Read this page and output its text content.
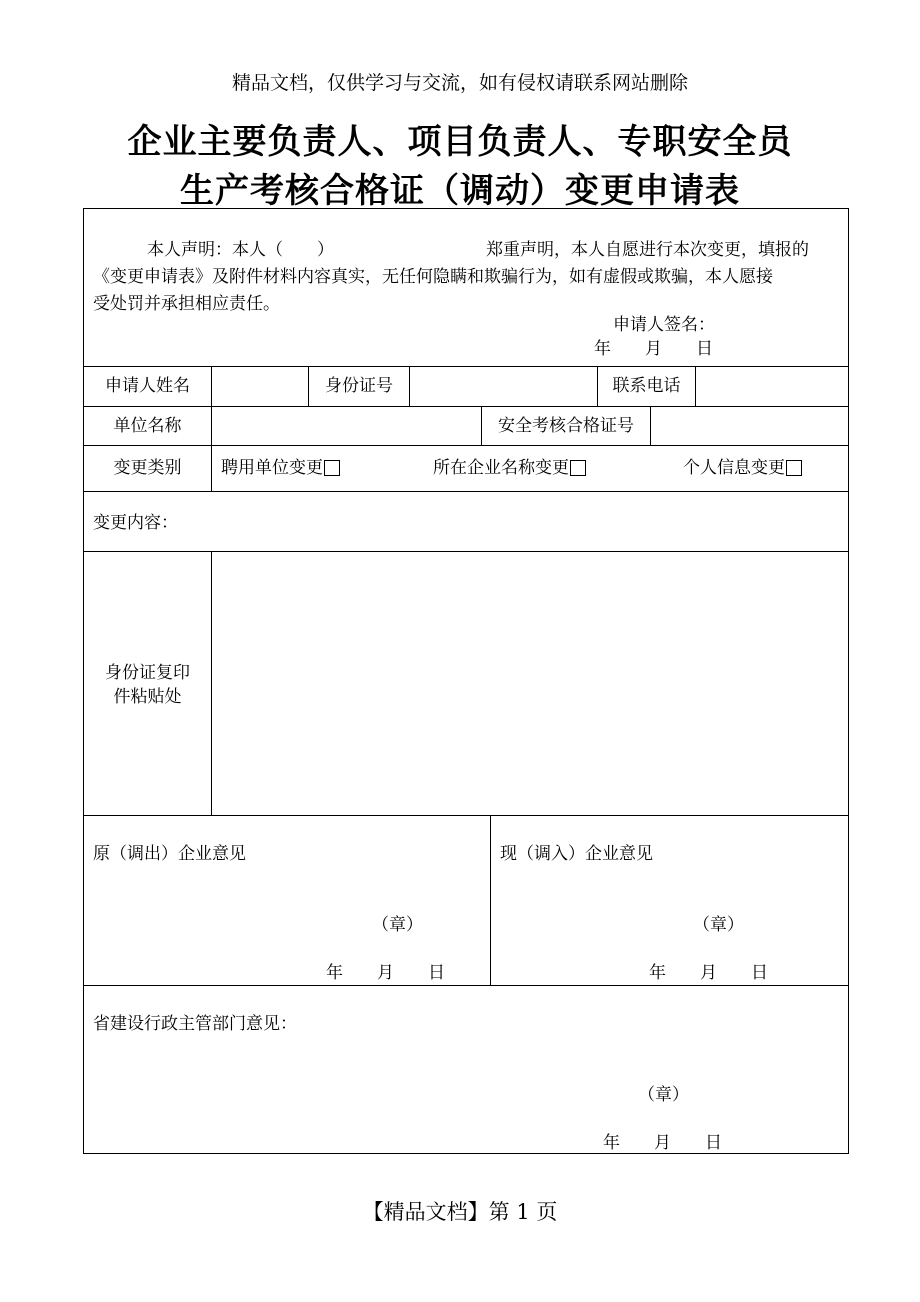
精品文档，仅供学习与交流，如有侵权请联系网站删除
企业主要负责人、项目负责人、专职安全员
生产考核合格证（调动）变更申请表

本人声明：本人（　　）	郑重声明，本人自愿进行本次变更，填报的

《变更申请表》及附件材料内容真实，无任何隐瞒和欺骗行为，如有虚假或欺骗，本人愿接

受处罚并承担相应责任。

申请人签名：
年　　月　　日
申请人姓名	身份证号	联系电话
单位名称	安全考核合格证号
变更类别	聘用单位变更	所在企业名称变更	个人信息变更
变更内容：
身份证复印
件粘贴处
原（调出）企业意见
（章）
年　　月　　日
现（调入）企业意见
（章）
年　　月　　日
省建设行政主管部门意见：
（章）
年　　月　　日
【精品文档】第 1 页
